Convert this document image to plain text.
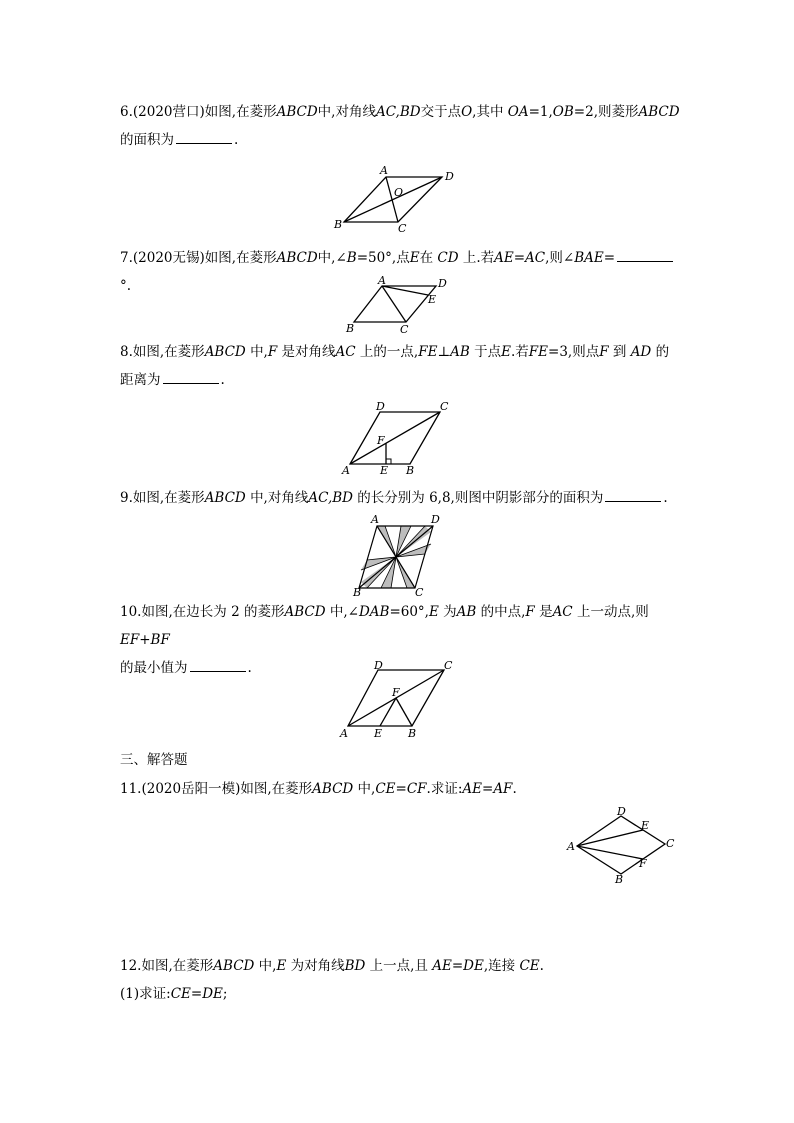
6.(2020营口)如图,在菱形ABCD中,对角线AC,BD交于点O,其中 OA=1,OB=2,则菱形ABCD
的面积为	.

A	D
B	C
O

7.(2020无锡)如图,在菱形ABCD中,∠B=50°,点E在 CD 上.若AE=AC,则∠BAE=°.	A	D
E
B	C

8.如图,在菱形ABCD 中,F 是对角线AC 上的一点,FE⊥AB 于点E.若FE=3,则点F 到 AD 的距离为	.

D	C
F
A	E B

9.如图,在菱形ABCD 中,对角线AC,BD 的长分别为 6,8,则图中阴影部分的面积为	.

A	D
B	C

10.如图,在边长为 2 的菱形ABCD 中,∠DAB=60°,E 为AB 的中点,F 是AC 上一动点,则 EF+BF
的最小值为	.	D	C
F
A E B
三、解答题

11.(2020岳阳一模)如图,在菱形ABCD 中,CE=CF.求证:AE=AF.

D
E
C
A
F
B

12.如图,在菱形ABCD 中,E 为对角线BD 上一点,且 AE=DE,连接 CE.
(1)求证:CE=DE;
